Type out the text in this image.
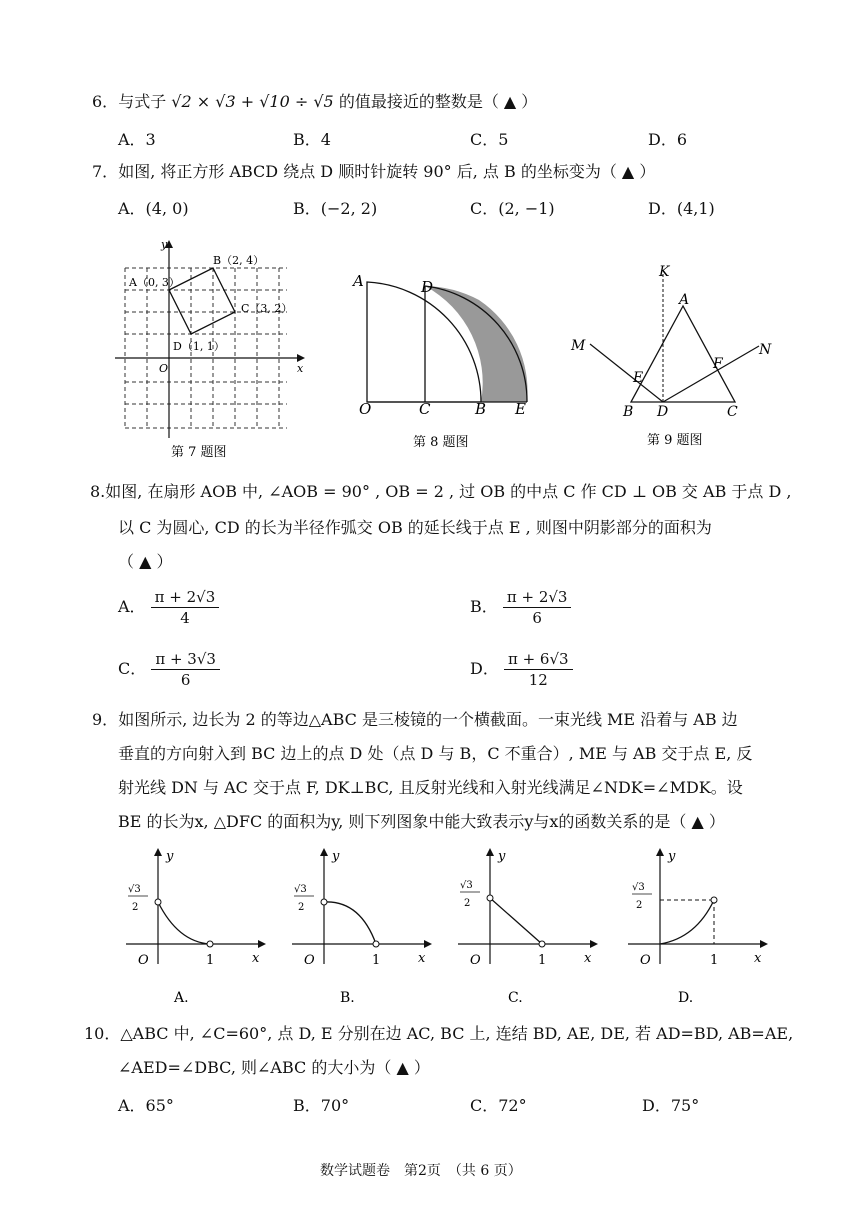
6．与式子 √2 × √3 + √10 ÷ √5 的值最接近的整数是（ ▲ ）
A．3	B．4	C．5	D．6
7．如图, 将正方形 ABCD 绕点 D 顺时针旋转 90° 后, 点 B 的坐标变为（ ▲ ）
A．(4, 0)	B．(−2, 2)	C．(2, −1)	D．(4,1)
y
x
O
A（0, 3）
B（2, 4）
C（3, 2）
D（1, 1）
第 7 题图
A	D
O	C	B E
第 8 题图
K
A
M	N
E
F
B D	C
第 9 题图
8.如图, 在扇形 AOB 中, ∠AOB = 90° , OB = 2 , 过 OB 的中点 C 作 CD ⊥ OB 交 AB 于点 D ,
以 C 为圆心, CD 的长为半径作弧交 OB 的延长线于点 E , 则图中阴影部分的面积为
（ ▲ ）
A． $\frac{\pi + 2√3}{4}$	B． $\frac{\pi + 2√3}{6}$
C． $\frac{\pi + 3√3}{6}$	D． $\frac{\pi + 6√3}{12}$
9．如图所示, 边长为 2 的等边△ABC 是三棱镜的一个横截面。一束光线 ME 沿着与 AB 边
垂直的方向射入到 BC 边上的点 D 处（点 D 与 B，C 不重合）, ME 与 AB 交于点 E, 反
射光线 DN 与 AC 交于点 F, DK⊥BC, 且反射光线和入射光线满足∠NDK=∠MDK。设
BE 的长为x, △DFC 的面积为y, 则下列图象中能大致表示y与x的函数关系的是（ ▲ ）
y
x
O	1
√3
2
A.
y
x
O	1
√3
2
B.
y
x
O	1
√3
2
C.
y
x
O	1
√3
2
D.
10．△ABC 中, ∠C=60°, 点 D, E 分别在边 AC, BC 上, 连结 BD, AE, DE, 若 AD=BD, AB=AE,
∠AED=∠DBC, 则∠ABC 的大小为（ ▲ ）
A．65°	B．70°	C．72°	D．75°
数学试题卷　第2页　（共 6 页）
